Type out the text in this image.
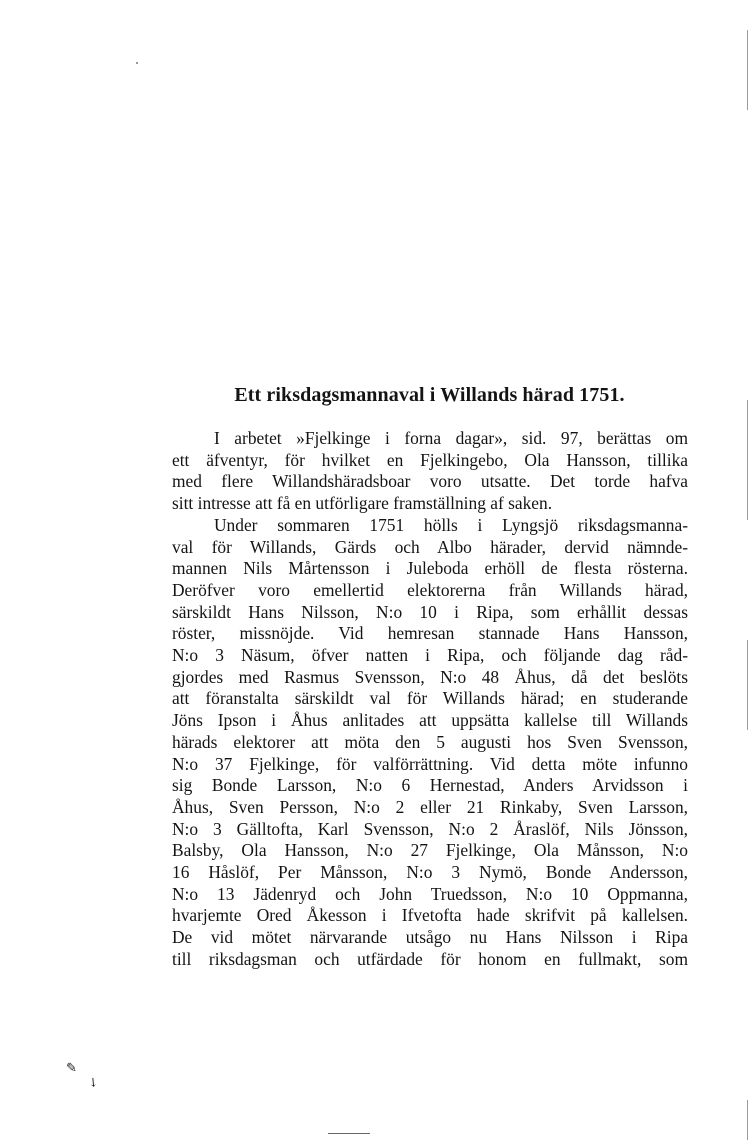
Ett riksdagsmannaval i Willands härad 1751.

I arbetet »Fjelkinge i forna dagar», sid. 97, berättas om
ett äfventyr, för hvilket en Fjelkingebo, Ola Hansson, tillika
med flere Willandshäradsboar voro utsatte. Det torde hafva
sitt intresse att få en utförligare framställning af saken.

Under sommaren 1751 hölls i Lyngsjö riksdagsmanna-
val för Willands, Gärds och Albo härader, dervid nämnde-
mannen Nils Mårtensson i Juleboda erhöll de flesta rösterna.
Deröfver voro emellertid elektorerna från Willands härad,
särskildt Hans Nilsson, N:o 10 i Ripa, som erhållit dessas
röster, missnöjde. Vid hemresan stannade Hans Hansson,
N:o 3 Näsum, öfver natten i Ripa, och följande dag råd-
gjordes med Rasmus Svensson, N:o 48 Åhus, då det beslöts
att föranstalta särskildt val för Willands härad; en studerande
Jöns Ipson i Åhus anlitades att uppsätta kallelse till Willands
härads elektorer att möta den 5 augusti hos Sven Svensson,
N:o 37 Fjelkinge, för valförrättning. Vid detta möte infunno
sig Bonde Larsson, N:o 6 Hernestad, Anders Arvidsson i
Åhus, Sven Persson, N:o 2 eller 21 Rinkaby, Sven Larsson,
N:o 3 Gälltofta, Karl Svensson, N:o 2 Åraslöf, Nils Jönsson,
Balsby, Ola Hansson, N:o 27 Fjelkinge, Ola Månsson, N:o
16 Håslöf, Per Månsson, N:o 3 Nymö, Bonde Andersson,
N:o 13 Jädenryd och John Truedsson, N:o 10 Oppmanna,
hvarjemte Ored Åkesson i Ifvetofta hade skrifvit på kallelsen.
De vid mötet närvarande utsågo nu Hans Nilsson i Ripa
till riksdagsman och utfärdade för honom en fullmakt, som

✎
↘
